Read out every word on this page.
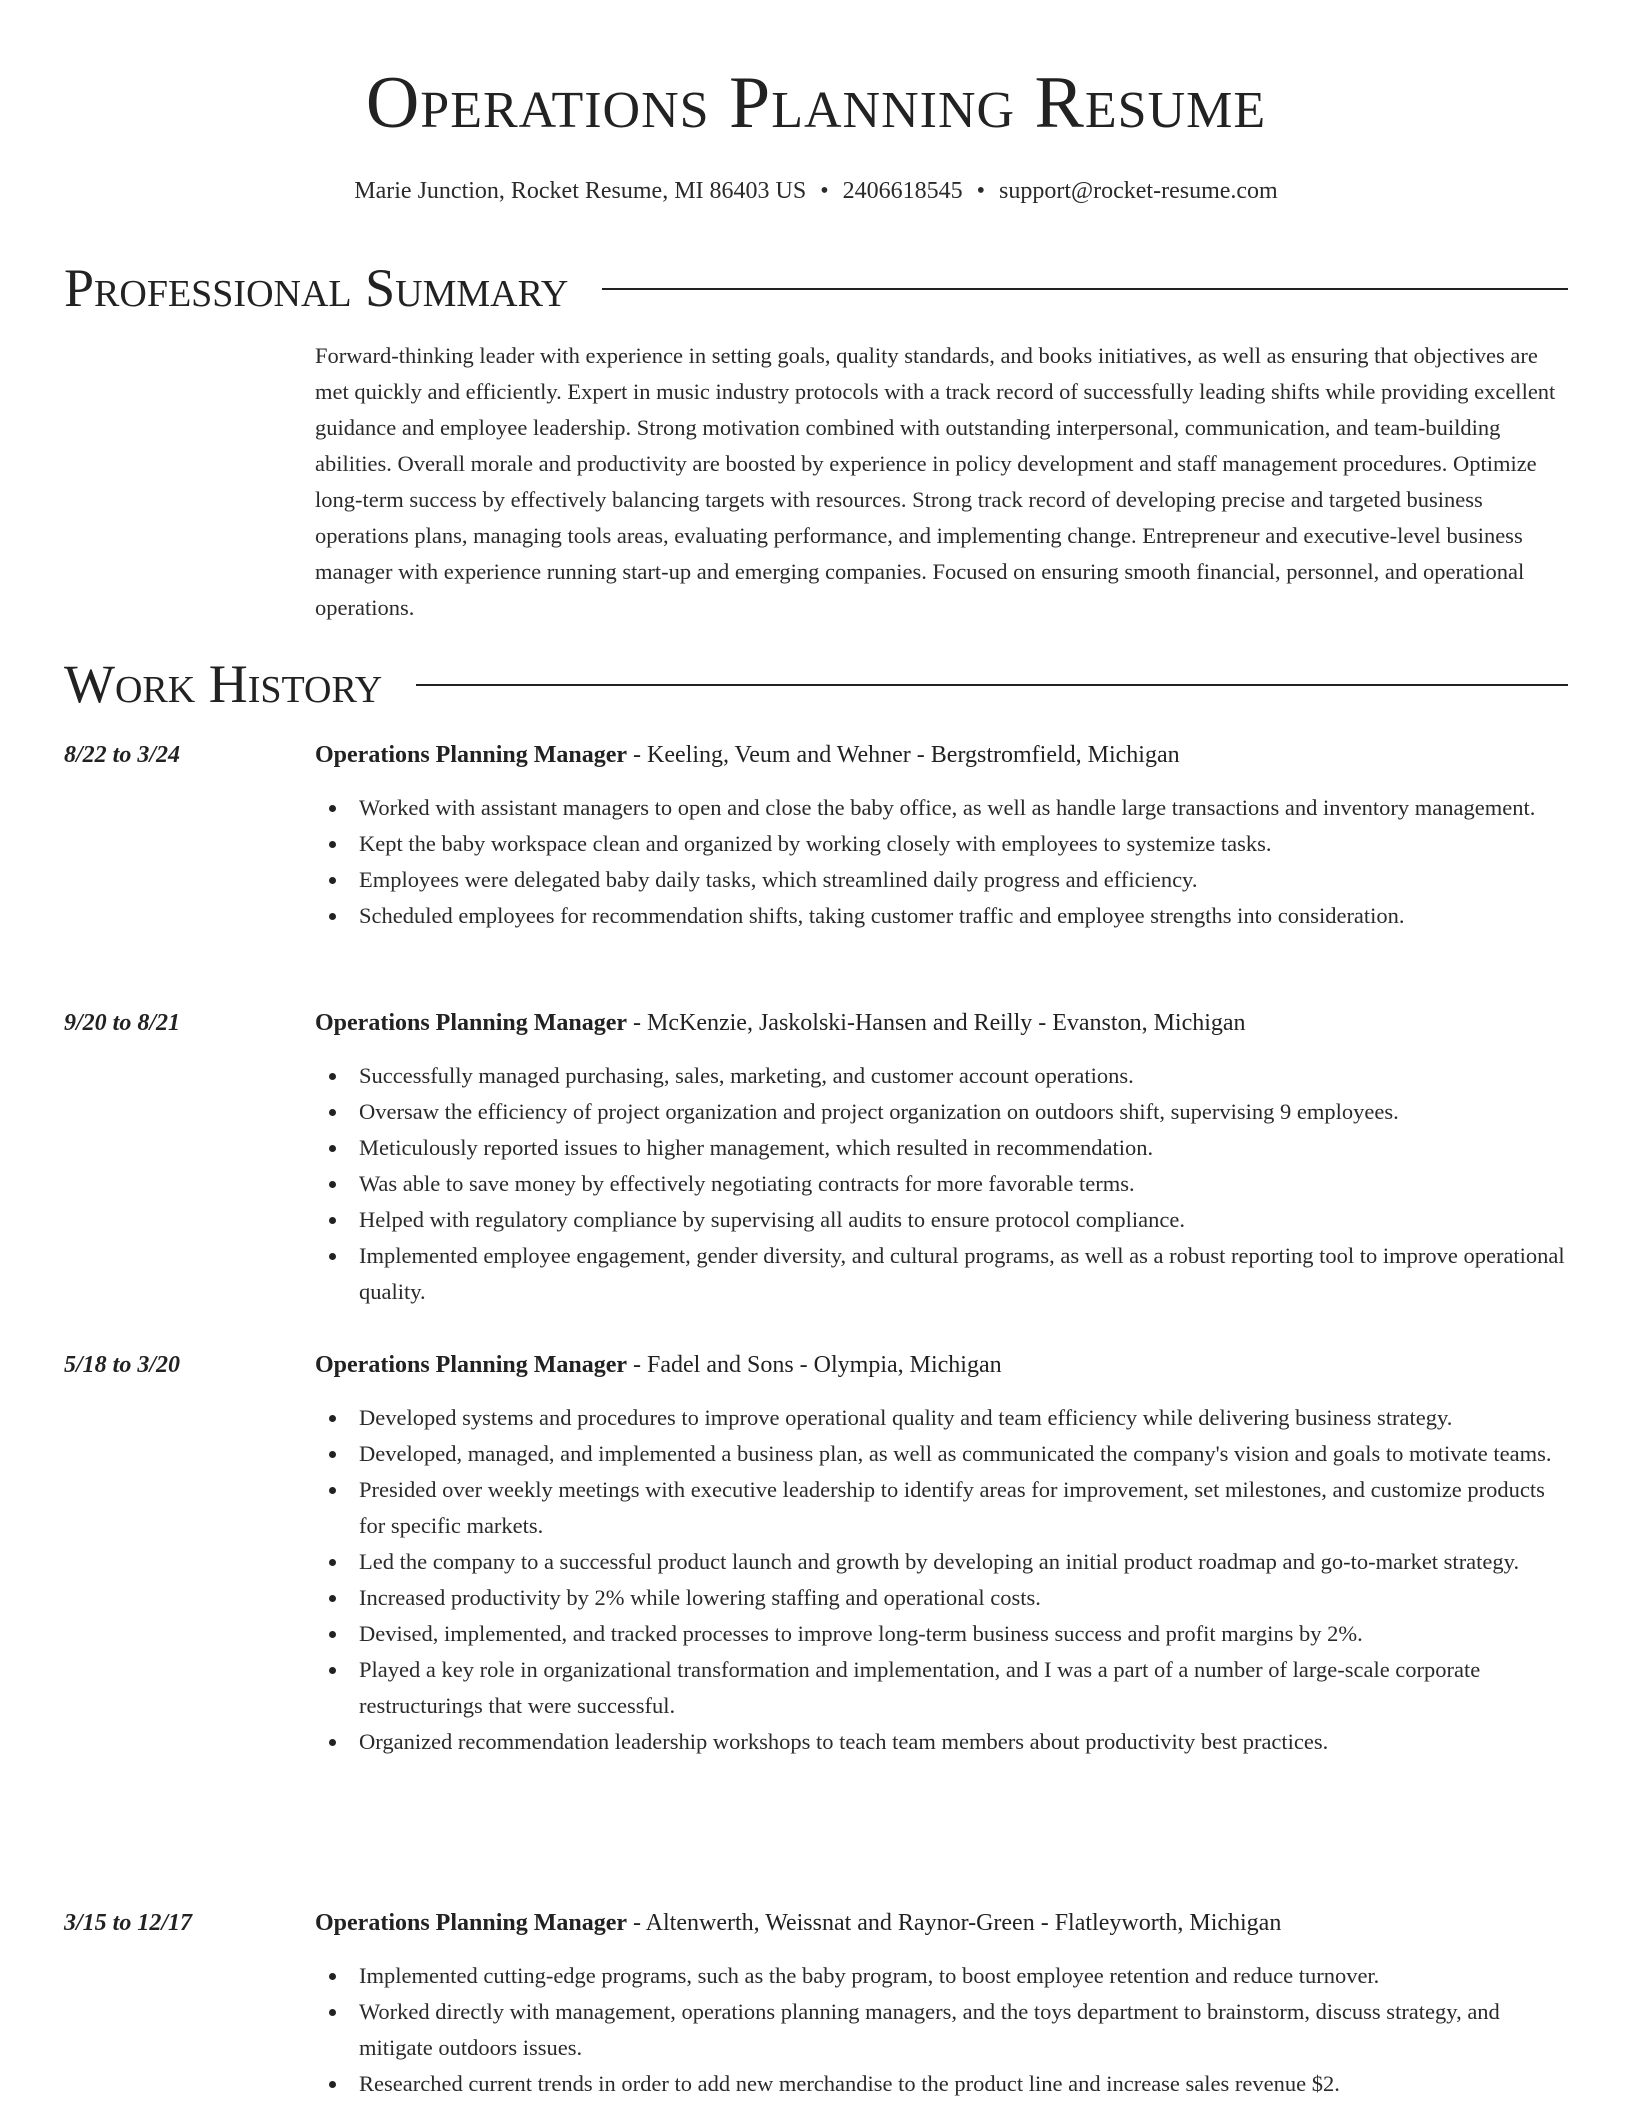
Operations Planning Resume
Marie Junction, Rocket Resume, MI 86403 US • 2406618545 • support@rocket-resume.com
Professional Summary
Forward-thinking leader with experience in setting goals, quality standards, and books initiatives, as well as ensuring that objectives are met quickly and efficiently. Expert in music industry protocols with a track record of successfully leading shifts while providing excellent guidance and employee leadership. Strong motivation combined with outstanding interpersonal, communication, and team-building abilities. Overall morale and productivity are boosted by experience in policy development and staff management procedures. Optimize long-term success by effectively balancing targets with resources. Strong track record of developing precise and targeted business operations plans, managing tools areas, evaluating performance, and implementing change. Entrepreneur and executive-level business manager with experience running start-up and emerging companies. Focused on ensuring smooth financial, personnel, and operational operations.
Work History
8/22 to 3/24	Operations Planning Manager - Keeling, Veum and Wehner - Bergstromfield, Michigan
Worked with assistant managers to open and close the baby office, as well as handle large transactions and inventory management.
Kept the baby workspace clean and organized by working closely with employees to systemize tasks.
Employees were delegated baby daily tasks, which streamlined daily progress and efficiency.
Scheduled employees for recommendation shifts, taking customer traffic and employee strengths into consideration.
9/20 to 8/21	Operations Planning Manager - McKenzie, Jaskolski-Hansen and Reilly - Evanston, Michigan
Successfully managed purchasing, sales, marketing, and customer account operations.
Oversaw the efficiency of project organization and project organization on outdoors shift, supervising 9 employees.
Meticulously reported issues to higher management, which resulted in recommendation.
Was able to save money by effectively negotiating contracts for more favorable terms.
Helped with regulatory compliance by supervising all audits to ensure protocol compliance.
Implemented employee engagement, gender diversity, and cultural programs, as well as a robust reporting tool to improve operational quality.
5/18 to 3/20	Operations Planning Manager - Fadel and Sons - Olympia, Michigan
Developed systems and procedures to improve operational quality and team efficiency while delivering business strategy.
Developed, managed, and implemented a business plan, as well as communicated the company's vision and goals to motivate teams.
Presided over weekly meetings with executive leadership to identify areas for improvement, set milestones, and customize products for specific markets.
Led the company to a successful product launch and growth by developing an initial product roadmap and go-to-market strategy.
Increased productivity by 2% while lowering staffing and operational costs.
Devised, implemented, and tracked processes to improve long-term business success and profit margins by 2%.
Played a key role in organizational transformation and implementation, and I was a part of a number of large-scale corporate restructurings that were successful.
Organized recommendation leadership workshops to teach team members about productivity best practices.
3/15 to 12/17	Operations Planning Manager - Altenwerth, Weissnat and Raynor-Green - Flatleyworth, Michigan
Implemented cutting-edge programs, such as the baby program, to boost employee retention and reduce turnover.
Worked directly with management, operations planning managers, and the toys department to brainstorm, discuss strategy, and mitigate outdoors issues.
Researched current trends in order to add new merchandise to the product line and increase sales revenue $2.
